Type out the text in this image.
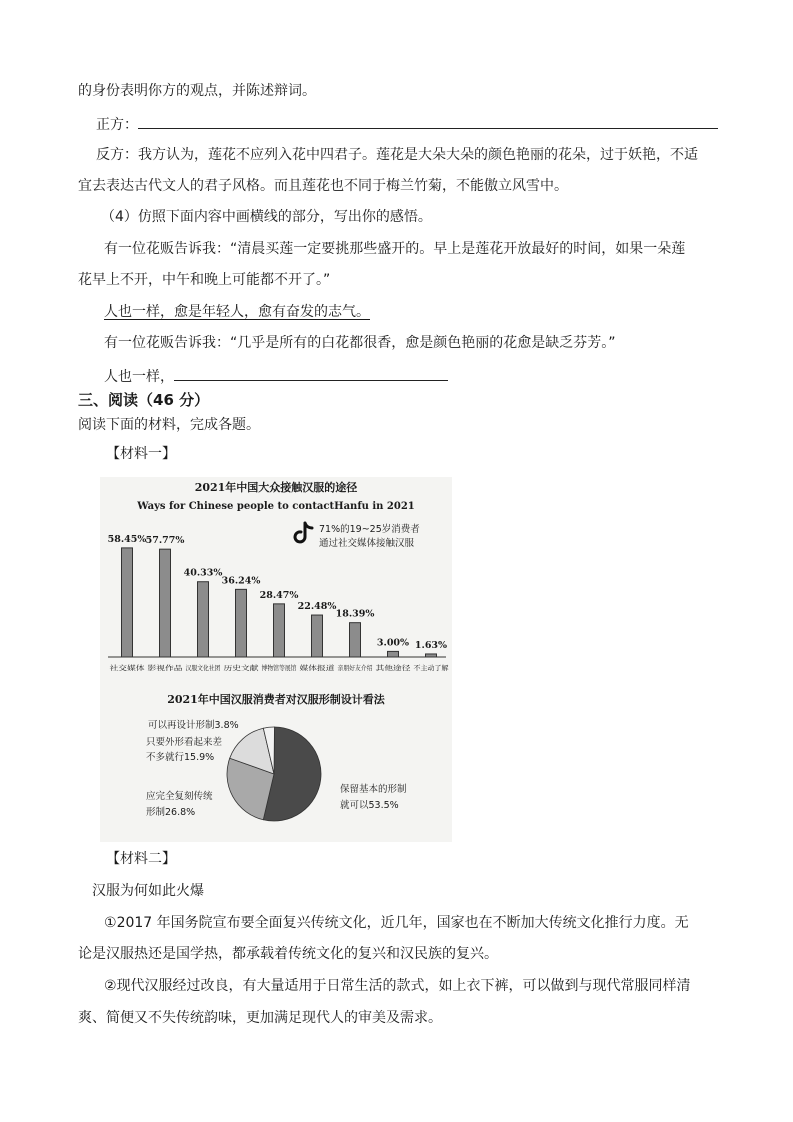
的身份表明你方的观点，并陈述辩词。
正方：
反方：我方认为，莲花不应列入花中四君子。莲花是大朵大朵的颜色艳丽的花朵，过于妖艳，不适
宜去表达古代文人的君子风格。而且莲花也不同于梅兰竹菊，不能傲立风雪中。
（4）仿照下面内容中画横线的部分，写出你的感悟。
有一位花贩告诉我：“清晨买莲一定要挑那些盛开的。早上是莲花开放最好的时间，如果一朵莲
花早上不开，中午和晚上可能都不开了。”
人也一样，愈是年轻人，愈有奋发的志气。
有一位花贩告诉我：“几乎是所有的白花都很香，愈是颜色艳丽的花愈是缺乏芬芳。”
人也一样，
三、阅读（46 分）
阅读下面的材料，完成各题。
【材料一】
2021年中国大众接触汉服的途径
Ways for Chinese people to contactHanfu in 2021
71%的19~25岁消费者
通过社交媒体接触汉服
58.45%
社交媒体
57.77%
影视作品
40.33%
汉服文化社团
36.24%
历史文献
28.47%
博物馆等展馆
22.48%
媒体报道
18.39%
亲朋好友介绍
3.00%
其他途径
1.63%
不主动了解
2021年中国汉服消费者对汉服形制设计看法
可以再设计形制3.8%
只要外形看起来差
不多就行15.9%
应完全复刻传统
形制26.8%
保留基本的形制
就可以53.5%
【材料二】
汉服为何如此火爆
①2017 年国务院宣布要全面复兴传统文化，近几年，国家也在不断加大传统文化推行力度。无
论是汉服热还是国学热，都承载着传统文化的复兴和汉民族的复兴。
②现代汉服经过改良，有大量适用于日常生活的款式，如上衣下裤，可以做到与现代常服同样清
爽、简便又不失传统韵味，更加满足现代人的审美及需求。
